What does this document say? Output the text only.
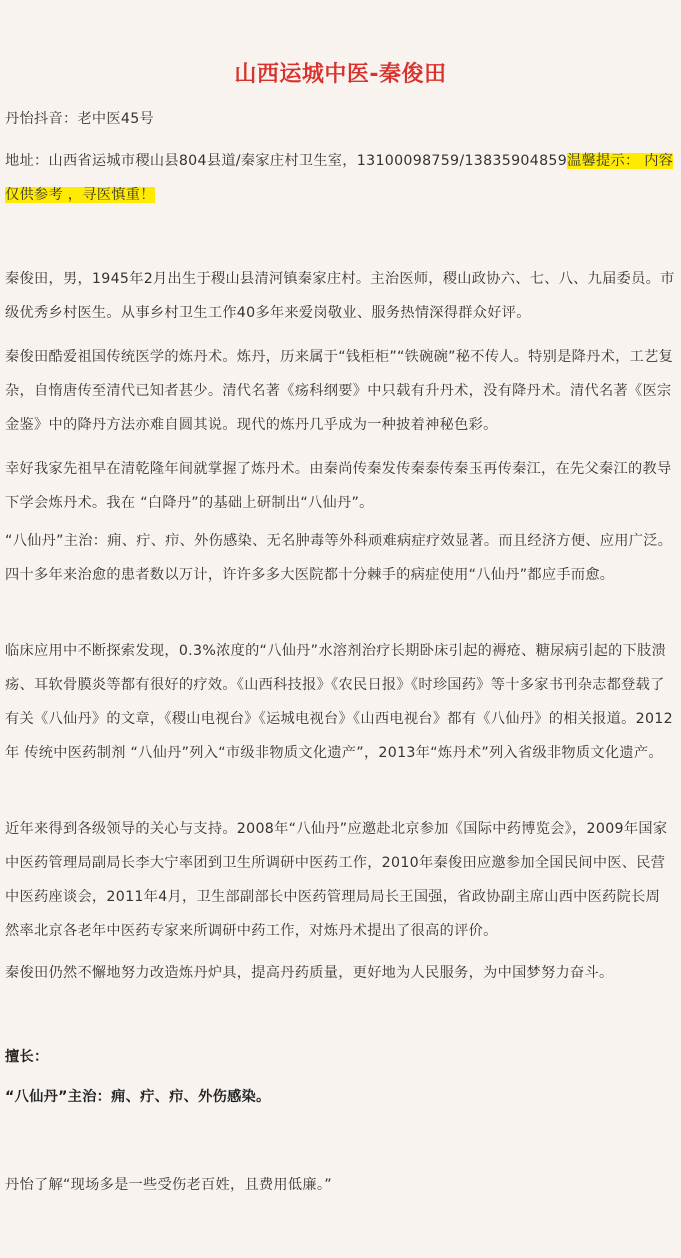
山西运城中医-秦俊田
丹怡抖音：老中医45号
地址：山西省运城市稷山县804县道/秦家庄村卫生室，13100098759/13835904859温馨提示： 内容仅供参考 ，寻医慎重！
秦俊田，男，1945年2月出生于稷山县清河镇秦家庄村。主治医师，稷山政协六、七、八、九届委员。市级优秀乡村医生。从事乡村卫生工作40多年来爱岗敬业、服务热情深得群众好评。
秦俊田酷爱祖国传统医学的炼丹术。炼丹，历来属于“钱柜柜”“铁碗碗”秘不传人。特别是降丹术，工艺复杂，自惰唐传至清代已知者甚少。清代名著《疡科纲要》中只载有升丹术，没有降丹术。清代名著《医宗金鉴》中的降丹方法亦难自圆其说。现代的炼丹几乎成为一种披着神秘色彩。
幸好我家先祖早在清乾隆年间就掌握了炼丹术。由秦尚传秦发传秦泰传秦玉再传秦江，在先父秦江的教导下学会炼丹术。我在 “白降丹”的基础上研制出“八仙丹”。
“八仙丹”主治：痈、疔、疖、外伤感染、无名肿毒等外科顽难病症疗效显著。而且经济方便、应用广泛。四十多年来治愈的患者数以万计，许许多多大医院都十分棘手的病症使用“八仙丹”都应手而愈。
临床应用中不断探索发现，0.3%浓度的“八仙丹”水溶剂治疗长期卧床引起的褥疮、糖尿病引起的下肢溃疡、耳软骨膜炎等都有很好的疗效。《山西科技报》《农民日报》《时珍国药》等十多家书刊杂志都登载了有关《八仙丹》的文章，《稷山电视台》《运城电视台》《山西电视台》都有《八仙丹》的相关报道。2012年 传统中医药制剂 “八仙丹”列入“市级非物质文化遗产”，2013年“炼丹术”列入省级非物质文化遗产。
近年来得到各级领导的关心与支持。2008年“八仙丹”应邀赴北京参加《国际中药博览会》，2009年国家中医药管理局副局长李大宁率团到卫生所调研中医药工作，2010年秦俊田应邀参加全国民间中医、民营中医药座谈会，2011年4月，卫生部副部长中医药管理局局长王国强，省政协副主席山西中医药院长周 然率北京各老年中医药专家来所调研中药工作，对炼丹术提出了很高的评价。
秦俊田仍然不懈地努力改造炼丹炉具，提高丹药质量，更好地为人民服务，为中国梦努力奋斗。
擅长：
“八仙丹”主治：痈、疔、疖、外伤感染。
丹怡了解“现场多是一些受伤老百姓，且费用低廉。”
